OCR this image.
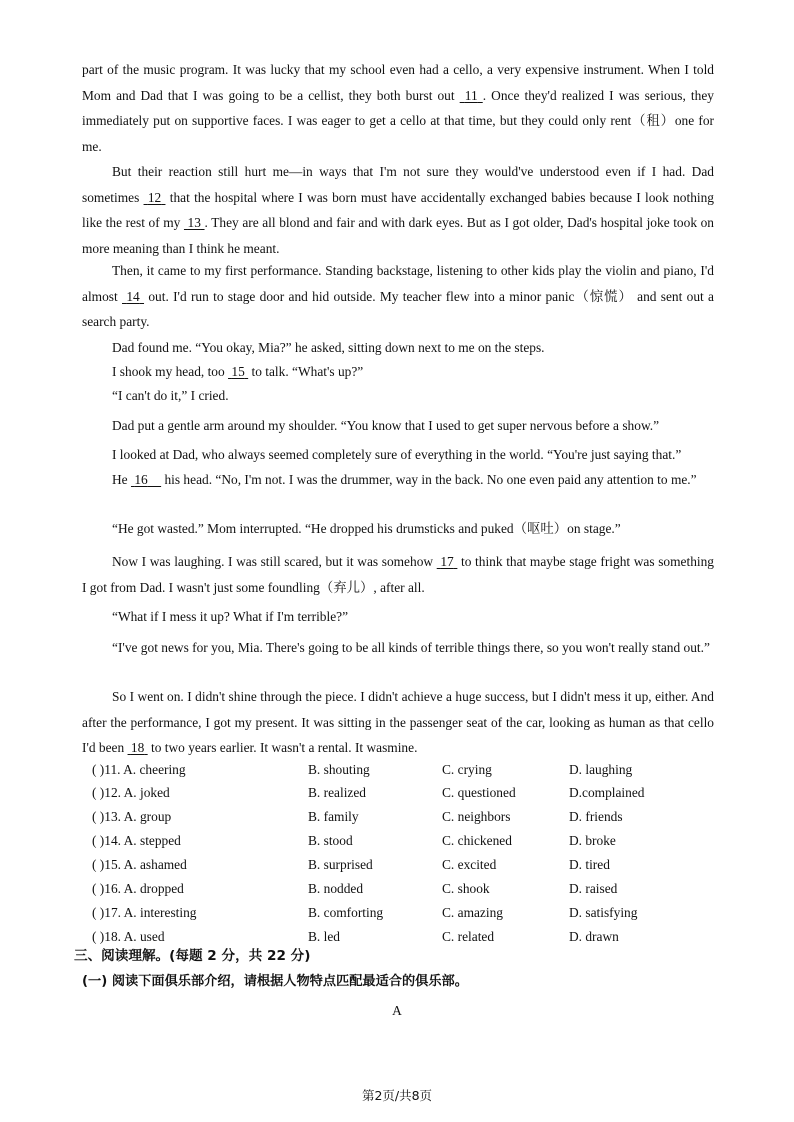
part of the music program. It was lucky that my school even had a cello, a very expensive instrument. When I told Mom and Dad that I was going to be a cellist, they both burst out  11 . Once they'd realized I was serious, they immediately put on supportive faces. I was eager to get a cello at that time, but they could only rent（租）one for me.

But their reaction still hurt me—in ways that I'm not sure they would've understood even if I had. Dad sometimes  12  that the hospital where I was born must have accidentally exchanged babies because I look nothing like the rest of my  13 . They are all blond and fair and with dark eyes. But as I got older, Dad's hospital joke took on more meaning than I think he meant.

Then, it came to my first performance. Standing backstage, listening to other kids play the violin and piano, I'd almost  14  out. I'd run to stage door and hid outside. My teacher flew into a minor panic（惊慌） and sent out a search party.

Dad found me. “You okay, Mia?” he asked, sitting down next to me on the steps.

I shook my head, too  15  to talk. “What's up?”

“I can't do it,” I cried.

Dad put a gentle arm around my shoulder. “You know that I used to get super nervous before a show.”

I looked at Dad, who always seemed completely sure of everything in the world. “You're just saying that.”

He  16     his head. “No, I'm not. I was the drummer, way in the back. No one even paid any attention to me.”

“He got wasted.” Mom interrupted. “He dropped his drumsticks and puked（呕吐）on stage.”

Now I was laughing. I was still scared, but it was somehow  17  to think that maybe stage fright was something I got from Dad. I wasn't just some foundling（弃儿）, after all.

“What if I mess it up? What if I'm terrible?”

“I've got news for you, Mia. There's going to be all kinds of terrible things there, so you won't really stand out.”

So I went on. I didn't shine through the piece. I didn't achieve a huge success, but I didn't mess it up, either. And after the performance, I got my present. It was sitting in the passenger seat of the car, looking as human as that cello I'd been  18  to two years earlier. It wasn't a rental. It wasmine.

( )11. A. cheering	B. shouting	C. crying	D. laughing
( )12. A. joked	B. realized	C. questioned	D.complained
( )13. A. group	B. family	C. neighbors	D. friends
( )14. A. stepped	B. stood	C. chickened	D. broke
( )15. A. ashamed	B. surprised	C. excited	D. tired
( )16. A. dropped	B. nodded	C. shook	D. raised
( )17. A. interesting	B. comforting	C. amazing	D. satisfying
( )18. A. used	B. led	C. related	D. drawn
三、阅读理解。(每题 2 分，共 22 分)
(一) 阅读下面俱乐部介绍，请根据人物特点匹配最适合的俱乐部。
A
第2页/共8页
